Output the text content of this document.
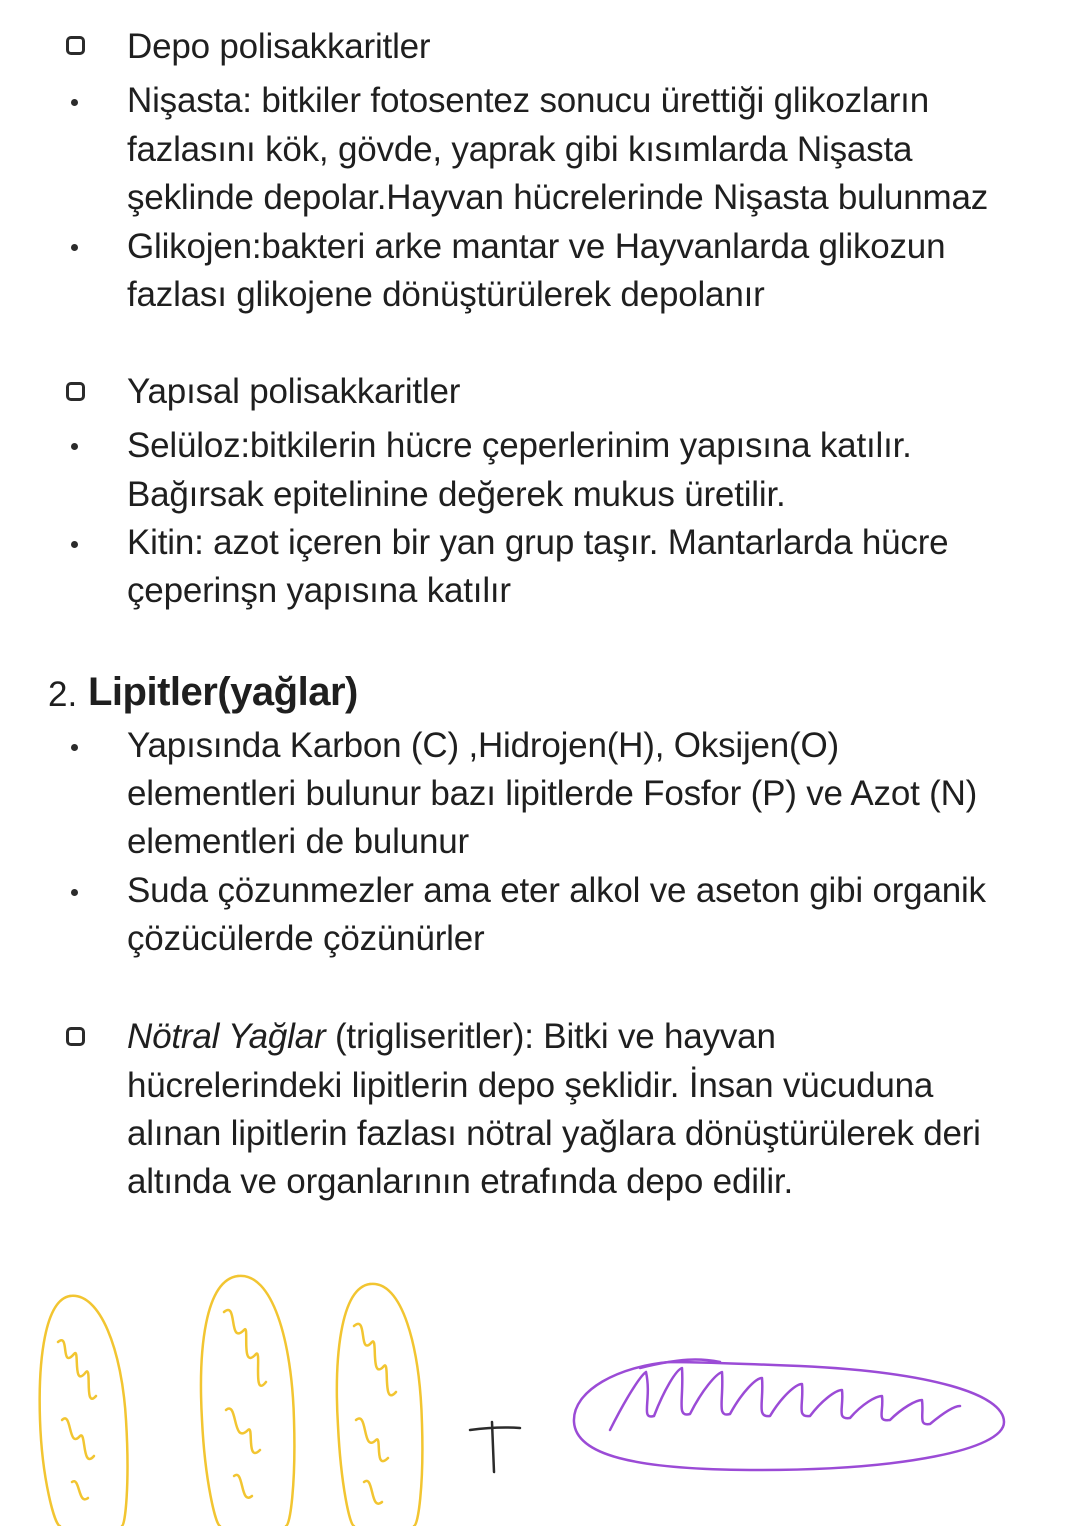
Depo polisakkaritler
Nişasta: bitkiler fotosentez sonucu ürettiği glikozların
fazlasını kök, gövde, yaprak gibi kısımlarda Nişasta
şeklinde depolar.Hayvan hücrelerinde Nişasta bulunmaz
Glikojen:bakteri arke mantar ve Hayvanlarda glikozun
fazlası glikojene dönüştürülerek depolanır
Yapısal polisakkaritler
Selüloz:bitkilerin hücre çeperlerinim yapısına katılır.
Bağırsak epitelinine değerek mukus üretilir.
Kitin: azot içeren bir yan grup taşır. Mantarlarda hücre
çeperinşn yapısına katılır
2. Lipitler(yağlar)
Yapısında Karbon (C) ,Hidrojen(H), Oksijen(O)
elementleri bulunur bazı lipitlerde Fosfor (P) ve Azot (N)
elementleri de bulunur
Suda çözunmezler ama eter alkol ve aseton gibi organik
çözücülerde çözünürler
Nötral Yağlar (trigliseritler): Bitki ve hayvan
hücrelerindeki lipitlerin depo şeklidir. İnsan vücuduna
alınan lipitlerin fazlası nötral yağlara dönüştürülerek deri
altında ve organlarının etrafında depo edilir.
